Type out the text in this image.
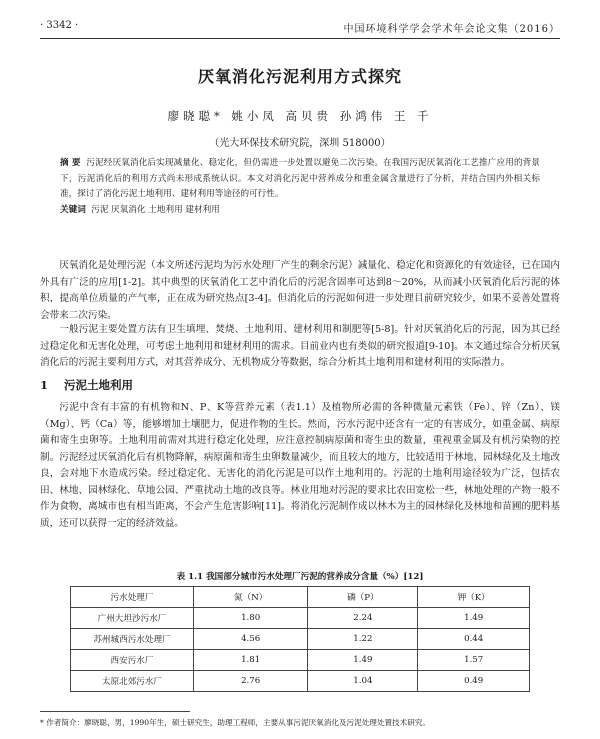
· 3342 ·	中国环境科学学会学术年会论文集（2016）
厌氧消化污泥利用方式探究
廖晓聪* 姚小凤 高贝贵 孙鸿伟 王 千
（光大环保技术研究院，深圳 518000）
摘 要 污泥经厌氧消化后实现减量化、稳定化，但仍需进一步处置以避免二次污染。在我国污泥厌氧消化工艺推广应用的背景下，污泥消化后的利用方式尚未形成系统认识。本文对消化污泥中营养成分和重金属含量进行了分析，并结合国内外相关标准，探讨了消化污泥土地利用、建材利用等途径的可行性。
关键词 污泥 厌氧消化 土地利用 建材利用

厌氧消化是处理污泥（本文所述污泥均为污水处理厂产生的剩余污泥）减量化、稳定化和资源化的有效途径，已在国内外具有广泛的应用[1-2]。其中典型的厌氧消化工艺中消化后的污泥含固率可达到8～20%，从而减小厌氧消化后污泥的体积，提高单位质量的产气率，正在成为研究热点[3-4]。但消化后的污泥如何进一步处理目前研究较少，如果不妥善处置将会带来二次污染。

一般污泥主要处置方法有卫生填埋、焚烧、土地利用、建材利用和制肥等[5-8]。针对厌氧消化后的污泥，因为其已经过稳定化和无害化处理，可考虑土地利用和建材利用的需求。目前业内也有类似的研究报道[9-10]。本文通过综合分析厌氧消化后的污泥主要利用方式，对其营养成分、无机物成分等数据，综合分析其土地利用和建材利用的实际潜力。

1 污泥土地利用

污泥中含有丰富的有机物和N、P、K等营养元素（表1.1）及植物所必需的各种微量元素铁（Fe）、锌（Zn）、镁（Mg）、钙（Ca）等，能够增加土壤肥力，促进作物的生长。然而，污水污泥中还含有一定的有害成分，如重金属、病原菌和寄生虫卵等。土地利用前需对其进行稳定化处理，应注意控制病原菌和寄生虫的数量，重视重金属及有机污染物的控制。污泥经过厌氧消化后有机物降解，病原菌和寄生虫卵数量减少，而且较大的地方，比较适用于林地、园林绿化及土地改良，会对地下水造成污染。经过稳定化、无害化的消化污泥是可以作土地利用的。污泥的土地利用途径较为广泛，包括农田、林地、园林绿化、草地公园、严重扰动土地的改良等。林业用地对污泥的要求比农田宽松一些，林地处理的产物一般不作为食物，离城市也有相当距离，不会产生危害影响[11]。将消化污泥制作成以林木为主的园林绿化及林地和苗圃的肥料基质，还可以获得一定的经济效益。

表 1.1 我国部分城市污水处理厂污泥的营养成分含量（%）[12]
污水处理厂	氮（N）	磷（P）	钾（K）
广州大坦沙污水厂	1.80	2.24	1.49
苏州城西污水处理厂	4.56	1.22	0.44
西安污水厂	1.81	1.49	1.57
太原北郊污水厂	2.76	1.04	0.49
* 作者简介：廖晓聪，男，1990年生，硕士研究生，助理工程师，主要从事污泥厌氧消化及污泥处理处置技术研究。
